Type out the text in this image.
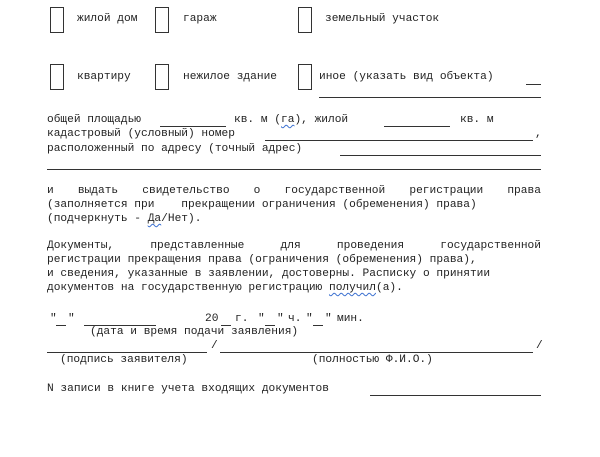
жилой дом	гараж	земельный участок
квартиру	нежилое здание	иное (указать вид объекта)
общей площадью	кв. м (га), жилой	кв. м
кадастровый (условный) номер	,
расположенный по адресу (точный адрес)
и выдать свидетельство о государственной регистрации права
(заполняется при    прекращении ограничения (обременения) права)
(подчеркнуть - Да/Нет).
Документы,	представленные	для	проведения	государственной
регистрации прекращения права (ограничения (обременения) права),
и сведения, указанные в заявлении, достоверны. Расписку о принятии
документов на государственную регистрацию получил(а).
" "	20 г. " " ч. " " мин.
(дата и время подачи заявления)
/	/
(подпись заявителя)	(полностью Ф.И.О.)
N записи в книге учета входящих документов
